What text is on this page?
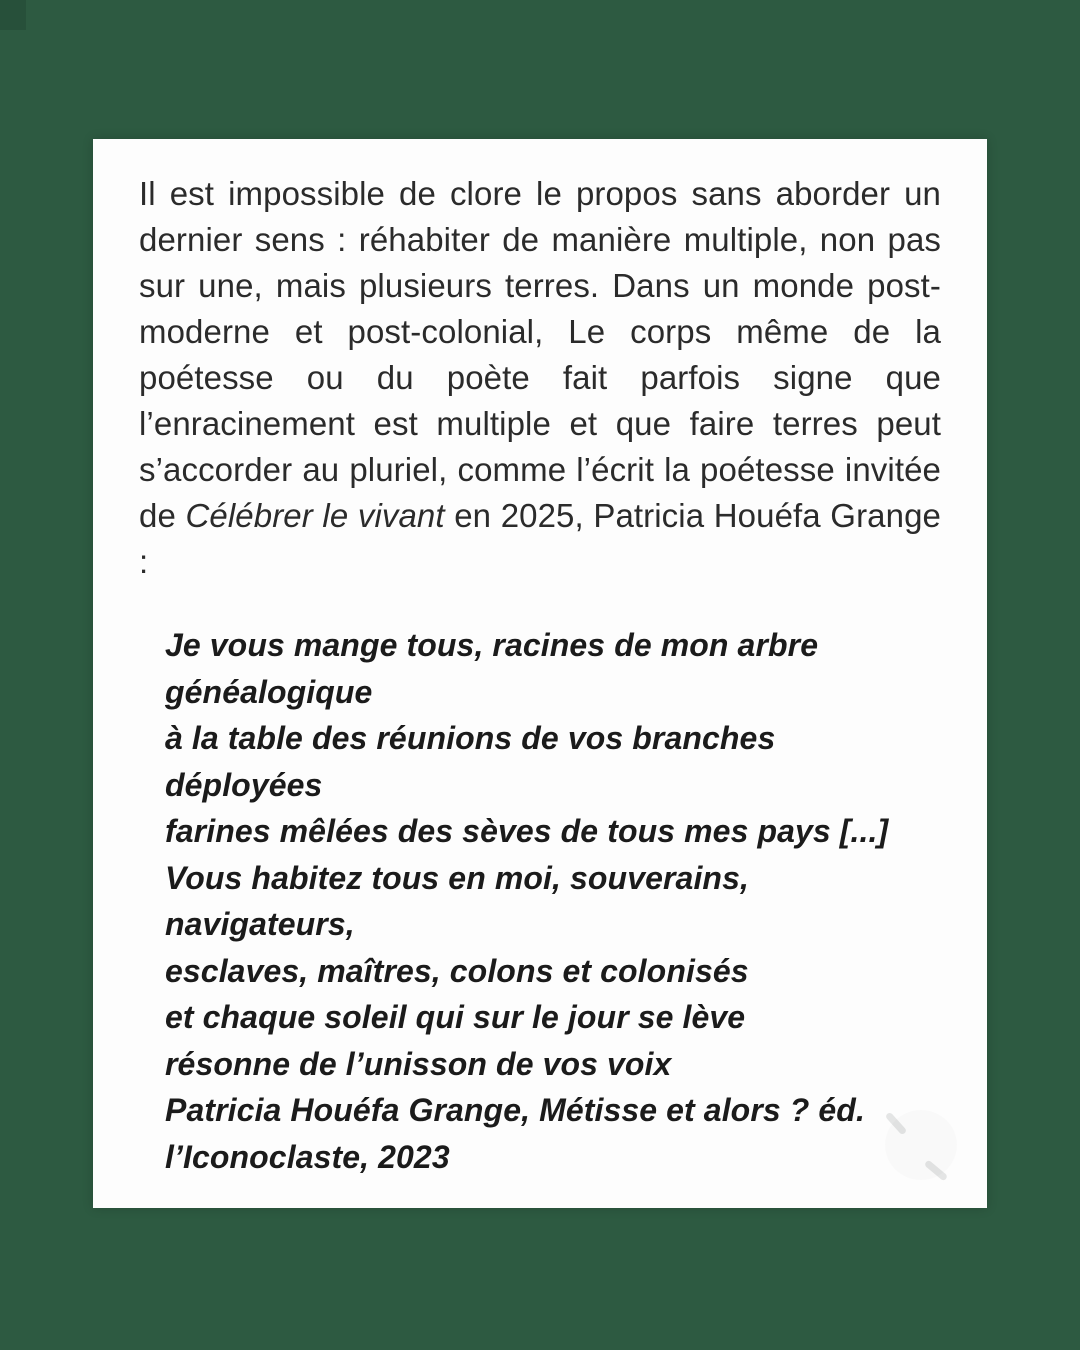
Il est impossible de clore le propos sans aborder un dernier sens : réhabiter de manière multiple, non pas sur une, mais plusieurs terres. Dans un monde post-moderne et post-colonial, Le corps même de la poétesse ou du poète fait parfois signe que l’enracinement est multiple et que faire terres peut s’accorder au pluriel, comme l’écrit la poétesse invitée de Célébrer le vivant en 2025, Patricia Houéfa Grange :

Je vous mange tous, racines de mon arbre
généalogique
à la table des réunions de vos branches
déployées
farines mêlées des sèves de tous mes pays [...]
Vous habitez tous en moi, souverains,
navigateurs,
esclaves, maîtres, colons et colonisés
et chaque soleil qui sur le jour se lève
résonne de l’unisson de vos voix
Patricia Houéfa Grange, Métisse et alors ? éd.
l’Iconoclaste, 2023
